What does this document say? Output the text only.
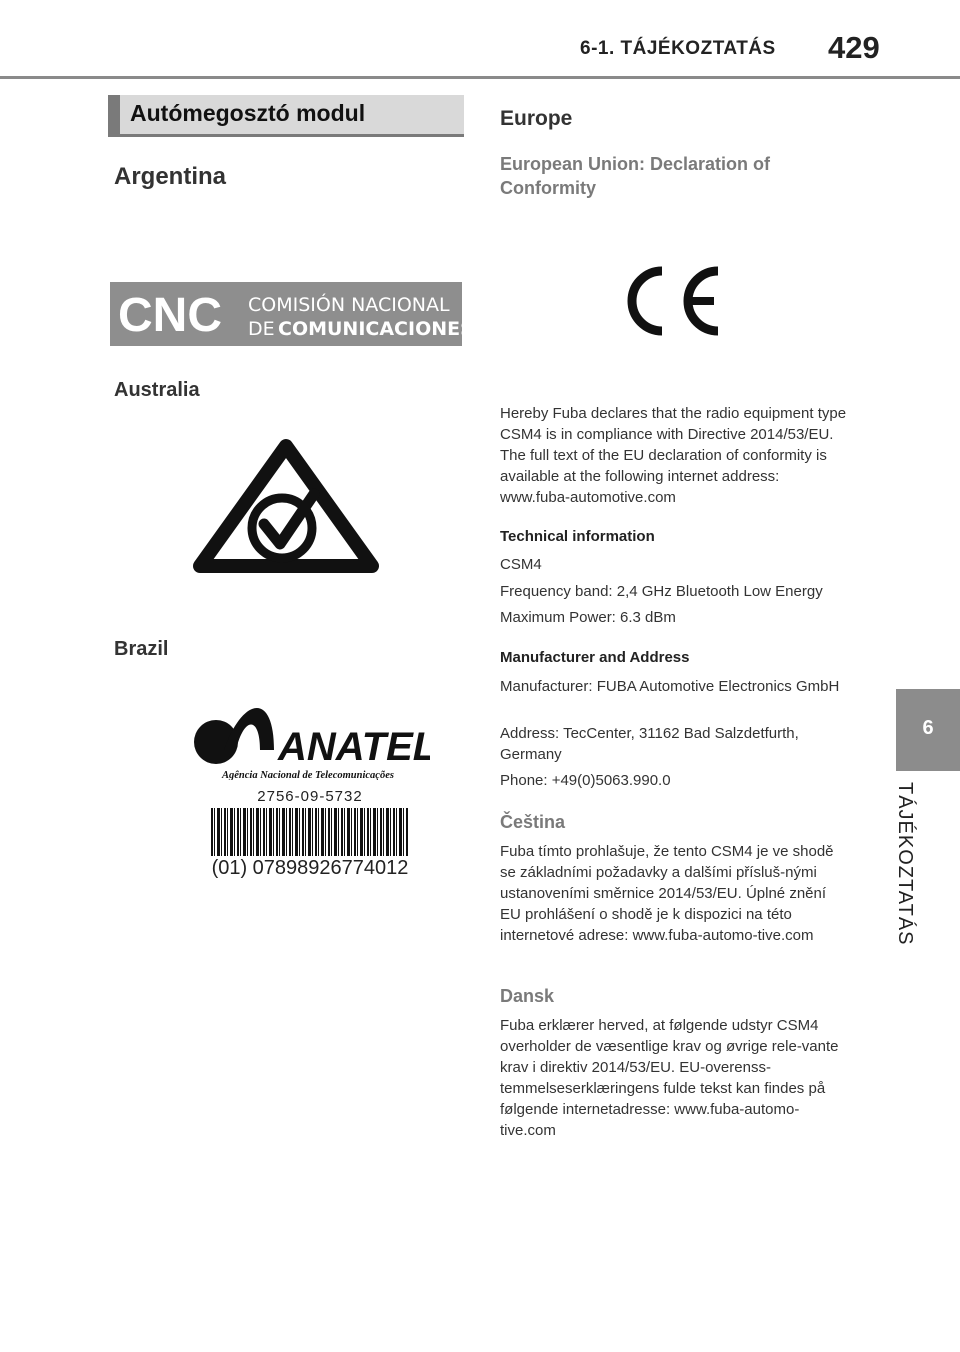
6-1. TÁJÉKOZTATÁS 429
Autómegosztó modul
Argentina
CNC COMISIÓN NACIONAL
DE COMUNICACIONES
Australia
Brazil
ANATEL
Agência Nacional de Telecomunicações
2756-09-5732
(01) 07898926774012
Europe
European Union: Declaration of Conformity
Hereby Fuba declares that the radio equipment type CSM4 is in compliance with Directive 2014/53/EU. The full text of the EU declaration of conformity is available at the following internet address: www.fuba-automotive.com
Technical information
CSM4
Frequency band: 2,4 GHz Bluetooth Low Energy
Maximum Power: 6.3 dBm
Manufacturer and Address
Manufacturer: FUBA Automotive Electronics GmbH
Address: TecCenter, 31162 Bad Salzdetfurth, Germany
Phone: +49(0)5063.990.0
Čeština
Fuba tímto prohlašuje, že tento CSM4 je ve shodě se základními požadavky a dalšími přísluš-nými ustanoveními směrnice 2014/53/EU. Úplné znění EU prohlášení o shodě je k dispozici na této internetové adrese: www.fuba-automo-tive.com
Dansk
Fuba erklærer herved, at følgende udstyr CSM4 overholder de væsentlige krav og øvrige rele-vante krav i direktiv 2014/53/EU. EU-overenss-temmelseserklæringens fulde tekst kan findes på følgende internetadresse: www.fuba-automo-tive.com
6
TÁJÉKOZTATÁS
